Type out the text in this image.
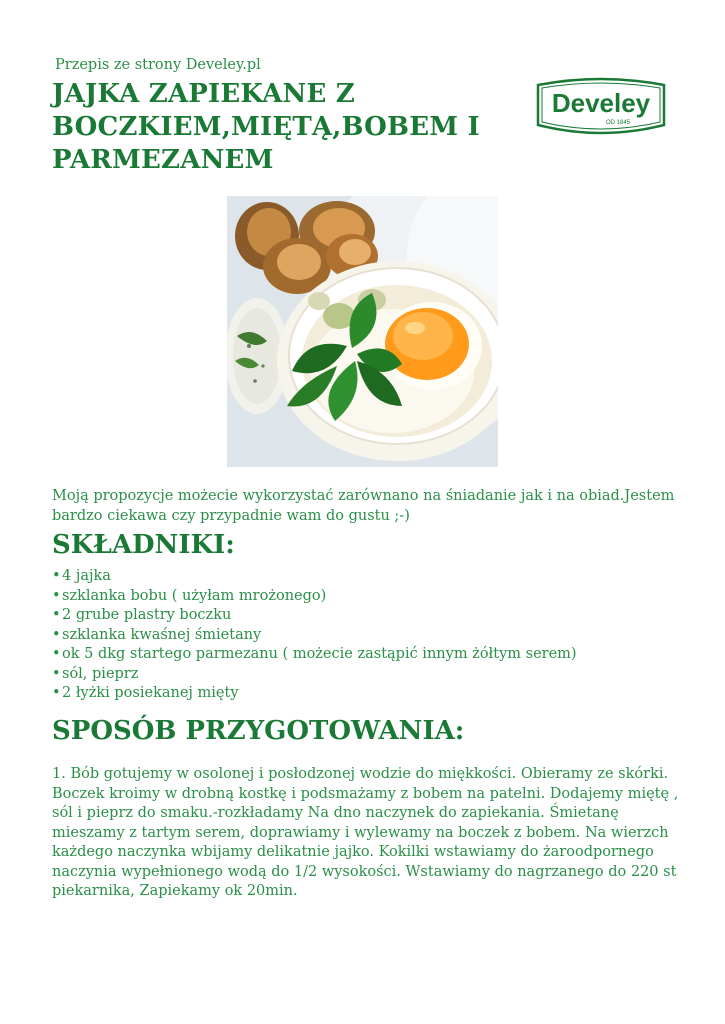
Przepis ze strony Develey.pl
JAJKA ZAPIEKANE Z BOCZKIEM,MIĘTĄ,BOBEM I PARMEZANEM
Develey
OD 1845

Moją propozycje możecie wykorzystać zarównano na śniadanie jak i na obiad.Jestem bardzo ciekawa czy przypadnie wam do gustu ;-)

SKŁADNIKI:
• 4 jajka
• szklanka bobu ( użyłam mrożonego)
• 2 grube plastry boczku
• szklanka kwaśnej śmietany
• ok 5 dkg startego parmezanu ( możecie zastąpić innym żółtym serem)
• sól, pieprz
• 2 łyżki posiekanej mięty
SPOSÓB PRZYGOTOWANIA:

1. Bób gotujemy w osolonej i posłodzonej wodzie do miękkości. Obieramy ze skórki. Boczek kroimy w drobną kostkę i podsmażamy z bobem na patelni. Dodajemy miętę , sól i pieprz do smaku.-rozkładamy Na dno naczynek do zapiekania. Śmietanę mieszamy z tartym serem, doprawiamy i wylewamy na boczek z bobem. Na wierzch każdego naczynka wbijamy delikatnie jajko. Kokilki wstawiamy do żaroodpornego naczynia wypełnionego wodą do 1/2 wysokości. Wstawiamy do nagrzanego do 220 st piekarnika, Zapiekamy ok 20min.
